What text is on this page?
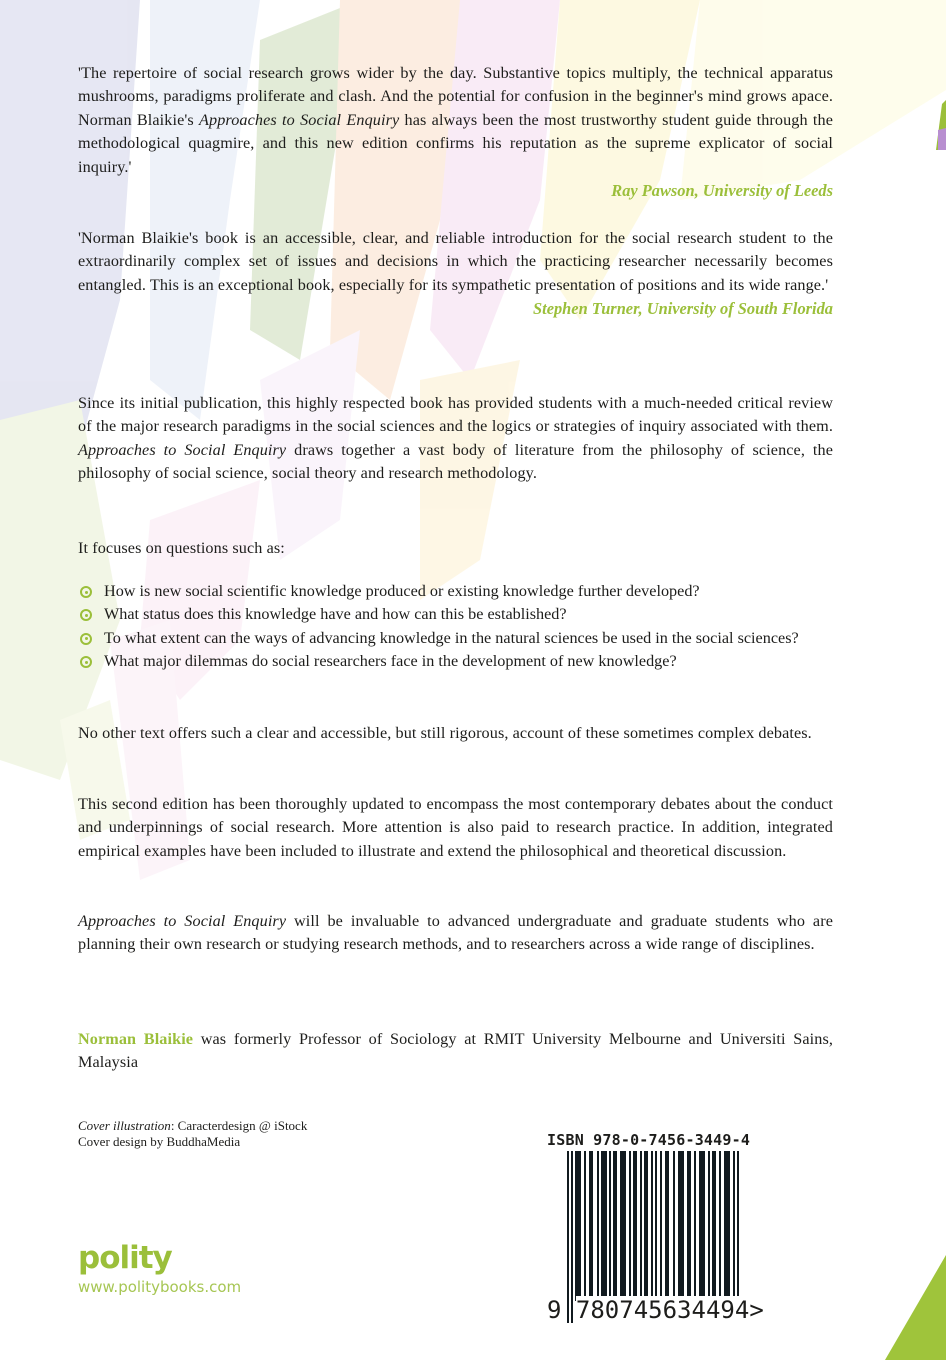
'The repertoire of social research grows wider by the day. Substantive topics multiply, the technical apparatus mushrooms, paradigms proliferate and clash. And the potential for confusion in the beginner's mind grows apace. Norman Blaikie's Approaches to Social Enquiry has always been the most trustworthy student guide through the methodological quagmire, and this new edition confirms his reputation as the supreme explicator of social inquiry.'

Ray Pawson, University of Leeds

'Norman Blaikie's book is an accessible, clear, and reliable introduction for the social research student to the extraordinarily complex set of issues and decisions in which the practicing researcher necessarily becomes entangled. This is an exceptional book, especially for its sympathetic presentation of positions and its wide range.'

Stephen Turner, University of South Florida

Since its initial publication, this highly respected book has provided students with a much-needed critical review of the major research paradigms in the social sciences and the logics or strategies of inquiry associated with them. Approaches to Social Enquiry draws together a vast body of literature from the philosophy of science, the philosophy of social science, social theory and research methodology.

It focuses on questions such as:

How is new social scientific knowledge produced or existing knowledge further developed?
What status does this knowledge have and how can this be established?
To what extent can the ways of advancing knowledge in the natural sciences be used in the social sciences?
What major dilemmas do social researchers face in the development of new knowledge?

No other text offers such a clear and accessible, but still rigorous, account of these sometimes complex debates.

This second edition has been thoroughly updated to encompass the most contemporary debates about the conduct and underpinnings of social research. More attention is also paid to research practice. In addition, integrated empirical examples have been included to illustrate and extend the philosophical and theoretical discussion.

Approaches to Social Enquiry will be invaluable to advanced undergraduate and graduate students who are planning their own research or studying research methods, and to researchers across a wide range of disciplines.

Norman Blaikie was formerly Professor of Sociology at RMIT University Melbourne and Universiti Sains, Malaysia

Cover illustration: Caracterdesign @ iStock
Cover design by BuddhaMedia
polity
www.politybooks.com
ISBN 978-0-7456-3449-4
9 780745634494>
